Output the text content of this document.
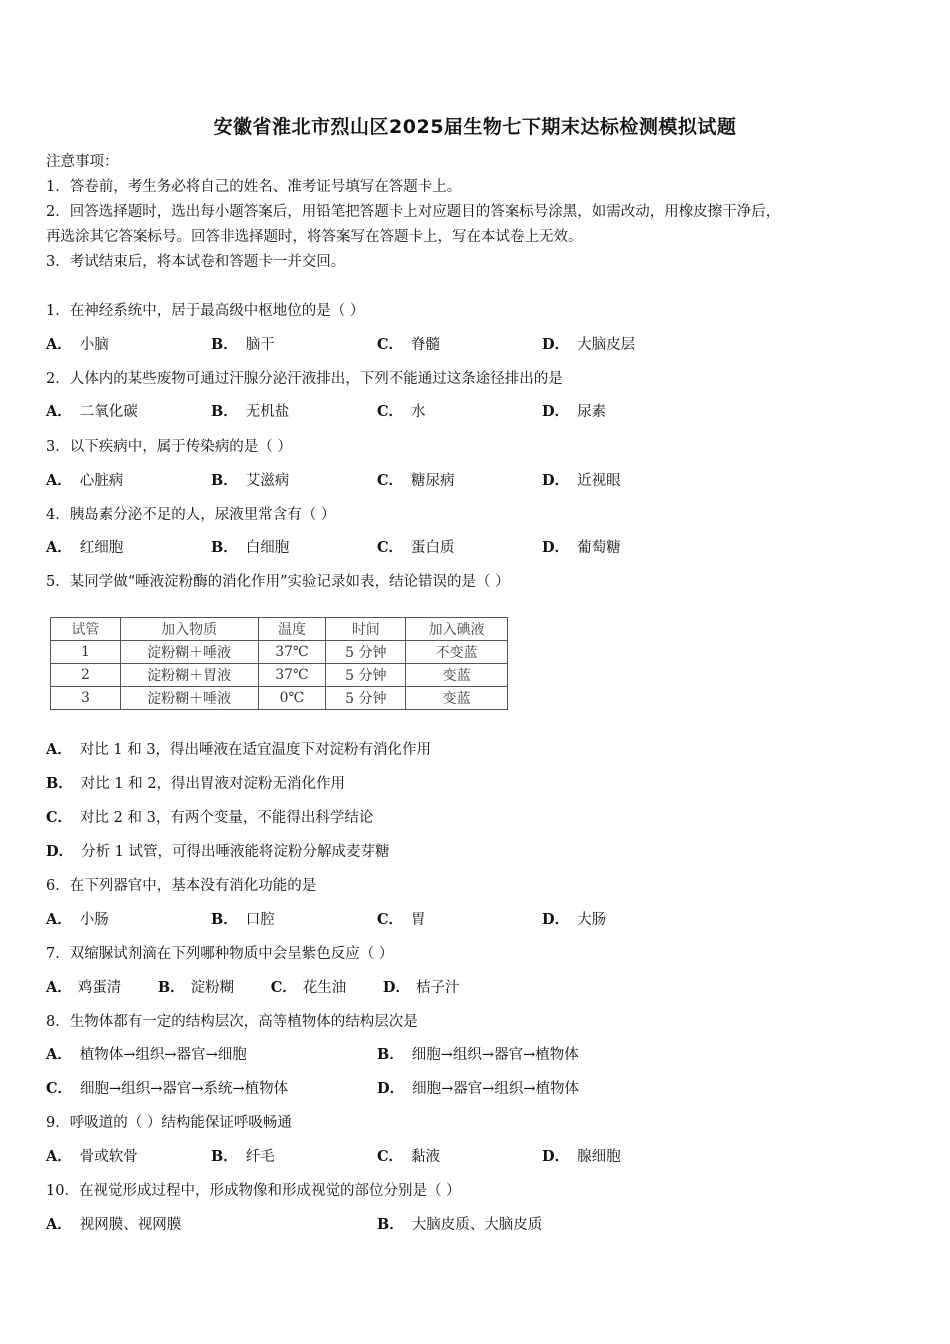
安徽省淮北市烈山区2025届生物七下期末达标检测模拟试题
注意事项：
1．答卷前，考生务必将自己的姓名、准考证号填写在答题卡上。
2．回答选择题时，选出每小题答案后，用铅笔把答题卡上对应题目的答案标号涂黑，如需改动，用橡皮擦干净后，
再选涂其它答案标号。回答非选择题时，将答案写在答题卡上，写在本试卷上无效。
3．考试结束后，将本试卷和答题卡一并交回。
1．在神经系统中，居于最高级中枢地位的是（ ）
A． 小脑	B． 脑干	C． 脊髓	D． 大脑皮层
2．人体内的某些废物可通过汗腺分泌汗液排出，下列不能通过这条途径排出的是
A． 二氧化碳	B． 无机盐	C． 水	D． 尿素
3．以下疾病中，属于传染病的是（ ）
A． 心脏病	B． 艾滋病	C． 糖尿病	D． 近视眼
4．胰岛素分泌不足的人，尿液里常含有（ ）
A． 红细胞	B． 白细胞	C． 蛋白质	D． 葡萄糖
5．某同学做“唾液淀粉酶的消化作用”实验记录如表，结论错误的是（ ）
试管	加入物质	温度	时间	加入碘液
1	淀粉糊＋唾液	37℃	5 分钟	不变蓝
2	淀粉糊＋胃液	37℃	5 分钟	变蓝
3	淀粉糊＋唾液	0℃	5 分钟	变蓝
A． 对比 1 和 3，得出唾液在适宜温度下对淀粉有消化作用
B． 对比 1 和 2，得出胃液对淀粉无消化作用
C． 对比 2 和 3，有两个变量，不能得出科学结论
D． 分析 1 试管，可得出唾液能将淀粉分解成麦芽糖
6．在下列器官中，基本没有消化功能的是
A． 小肠	B． 口腔	C． 胃	D． 大肠
7．双缩脲试剂滴在下列哪种物质中会呈紫色反应（ ）
A． 鸡蛋清	B． 淀粉糊	C． 花生油	D． 桔子汁
8．生物体都有一定的结构层次，高等植物体的结构层次是
A． 植物体→组织→器官→细胞	B． 细胞→组织→器官→植物体
C． 细胞→组织→器官→系统→植物体	D． 细胞→器官→组织→植物体
9．呼吸道的（ ）结构能保证呼吸畅通
A． 骨或软骨	B． 纤毛	C． 黏液	D． 腺细胞
10．在视觉形成过程中，形成物像和形成视觉的部位分别是（ ）
A． 视网膜、视网膜	B． 大脑皮质、大脑皮质
